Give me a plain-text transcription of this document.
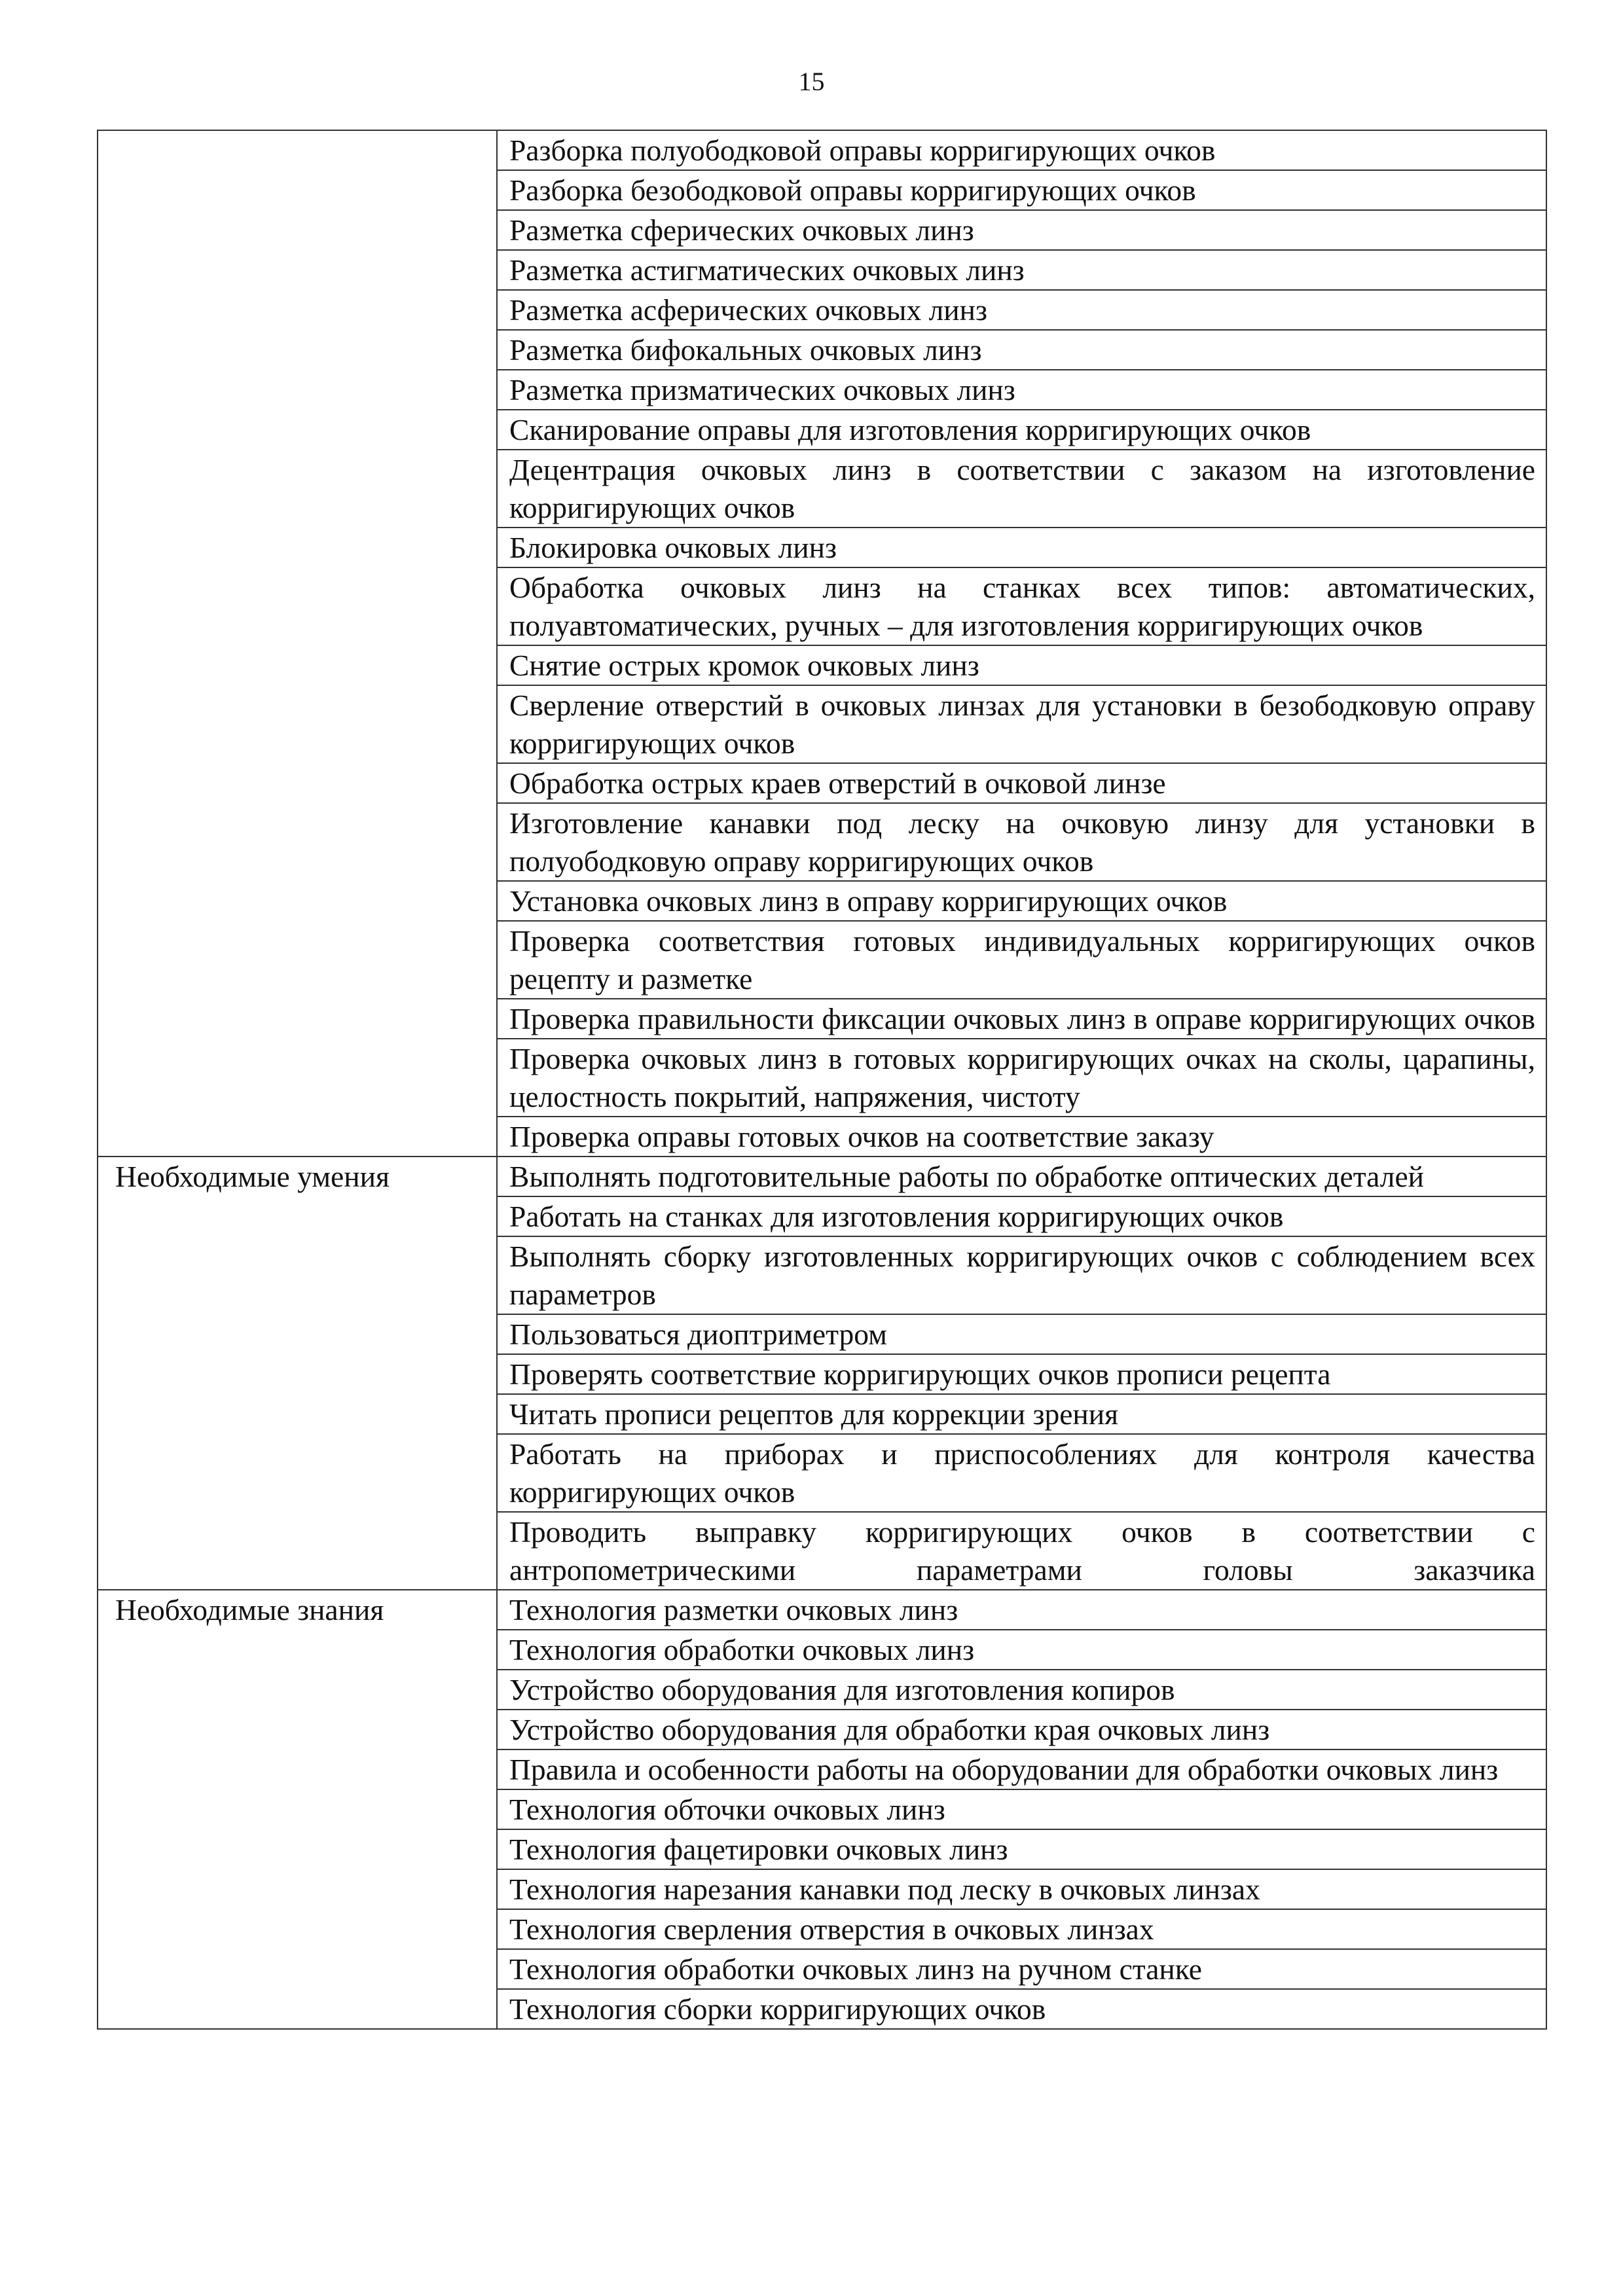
15
	Разборка полуободковой оправы корригирующих очков
	Разборка безободковой оправы корригирующих очков
	Разметка сферических очковых линз
	Разметка астигматических очковых линз
	Разметка асферических очковых линз
	Разметка бифокальных очковых линз
	Разметка призматических очковых линз
	Сканирование оправы для изготовления корригирующих очков
	Децентрация очковых линз в соответствии с заказом на изготовление корригирующих очков
	Блокировка очковых линз
	Обработка очковых линз на станках всех типов: автоматических, полуавтоматических, ручных – для изготовления корригирующих очков
	Снятие острых кромок очковых линз
	Сверление отверстий в очковых линзах для установки в безободковую оправу корригирующих очков
	Обработка острых краев отверстий в очковой линзе
	Изготовление канавки под леску на очковую линзу для установки в полуободковую оправу корригирующих очков
	Установка очковых линз в оправу корригирующих очков
	Проверка соответствия готовых индивидуальных корригирующих очков рецепту и разметке
	Проверка правильности фиксации очковых линз в оправе корригирующих очков
	Проверка очковых линз в готовых корригирующих очках на сколы, царапины, целостность покрытий, напряжения, чистоту
	Проверка оправы готовых очков на соответствие заказу
Необходимые умения	Выполнять подготовительные работы по обработке оптических деталей
	Работать на станках для изготовления корригирующих очков
	Выполнять сборку изготовленных корригирующих очков с соблюдением всех параметров
	Пользоваться диоптриметром
	Проверять соответствие корригирующих очков прописи рецепта
	Читать прописи рецептов для коррекции зрения
	Работать на приборах и приспособлениях для контроля качества корригирующих очков
	Проводить выправку корригирующих очков в соответствии с антропометрическими параметрами головы заказчика
Необходимые знания	Технология разметки очковых линз
	Технология обработки очковых линз
	Устройство оборудования для изготовления копиров
	Устройство оборудования для обработки края очковых линз
	Правила и особенности работы на оборудовании для обработки очковых линз
	Технология обточки очковых линз
	Технология фацетировки очковых линз
	Технология нарезания канавки под леску в очковых линзах
	Технология сверления отверстия в очковых линзах
	Технология обработки очковых линз на ручном станке
	Технология сборки корригирующих очков
